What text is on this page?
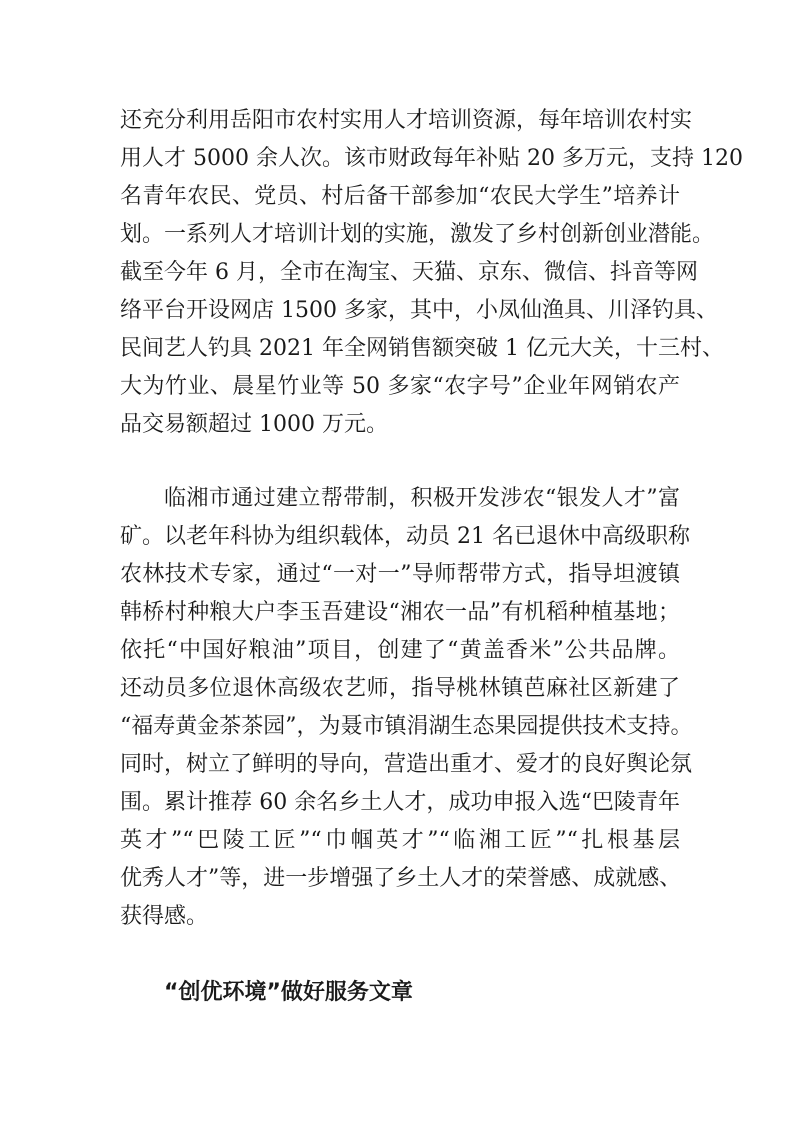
还充分利用岳阳市农村实用人才培训资源，每年培训农村实
用人才 5000 余人次。该市财政每年补贴 20 多万元，支持 120
名青年农民、党员、村后备干部参加“农民大学生”培养计
划。一系列人才培训计划的实施，激发了乡村创新创业潜能。
截至今年 6 月，全市在淘宝、天猫、京东、微信、抖音等网
络平台开设网店 1500 多家，其中，小凤仙渔具、川泽钓具、
民间艺人钓具 2021 年全网销售额突破 1 亿元大关，十三村、
大为竹业、晨星竹业等 50 多家“农字号”企业年网销农产
品交易额超过 1000 万元。
临湘市通过建立帮带制，积极开发涉农“银发人才”富
矿。以老年科协为组织载体，动员 21 名已退休中高级职称
农林技术专家，通过“一对一”导师帮带方式，指导坦渡镇
韩桥村种粮大户李玉吾建设“湘农一品”有机稻种植基地；
依托“中国好粮油”项目，创建了“黄盖香米”公共品牌。
还动员多位退休高级农艺师，指导桃林镇芭麻社区新建了
“福寿黄金茶茶园”，为聂市镇涓湖生态果园提供技术支持。
同时，树立了鲜明的导向，营造出重才、爱才的良好舆论氛
围。累计推荐 60 余名乡土人才，成功申报入选“巴陵青年
英才”“巴陵工匠”“巾帼英才”“临湘工匠”“扎根基层
优秀人才”等，进一步增强了乡土人才的荣誉感、成就感、
获得感。
“创优环境”做好服务文章
